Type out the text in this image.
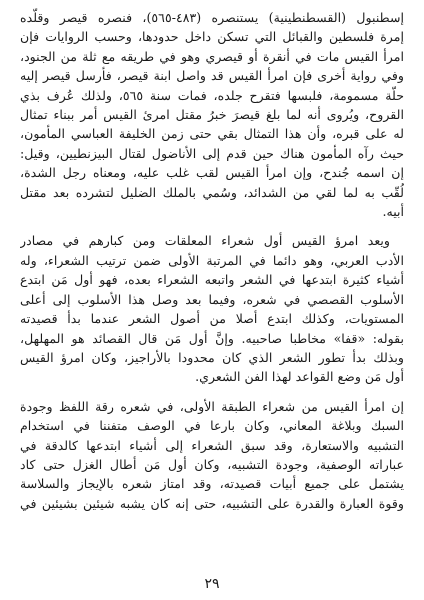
إسطنبول (القسطنطينية) يستنصره (٤٨٣-٥٦٥)، فنصره قيصر وقلّده
إمرة فلسطين والقبائل التي تسكن داخل حدودها، وحسب الروايات فإن
امرأ القيس مات في أنقرة أو قيصري وهو في طريقه مع ثلة من الجنود،
وفي رواية أخرى فإن امرأ القيس قد واصل ابنة قيصر، فأرسل قيصر إليه
حلّة مسمومة، فلبسها فتقرح جلده، فمات سنة ٥٦٥، ولذلك عُرف بذي
القروح، ويُروى أنه لما بلغ قيصرَ خبرُ مقتل امرئ القيس أمر ببناء تمثال
له على قبره، وأن هذا التمثال بقي حتى زمن الخليفة العباسي المأمون،
حيث رآه المأمون هناك حين قدم إلى الأناضول لقتال البيزنطيين، وقيل:
إن اسمه جُندح، وإن امرأ القيس لقب غلب عليه، ومعناه رجل الشدة،
لُقّب به لما لقي من الشدائد، وسُمي بالملك الضليل لتشرده بعد مقتل
أبيه.
ويعد امرؤ القيس أول شعراء المعلقات ومن كبارهم في مصادر
الأدب العربي، وهو دائما في المرتبة الأولى ضمن ترتيب الشعراء، وله
أشياء كثيرة ابتدعها في الشعر واتبعه الشعراء بعده، فهو أول مَن ابتدع
الأسلوب القصصي في شعره، وفيما بعد وصل هذا الأسلوب إلى أعلى
المستويات، وكذلك ابتدع أصلا من أصول الشعر عندما بدأ قصيدته
بقوله: «قفا» مخاطبا صاحبيه. وإنَّ أول مَن قال القصائد هو المهلهل،
وبذلك بدأ تطور الشعر الذي كان محدودا بالأراجيز، وكان امرؤ القيس
أول مَن وضع القواعد لهذا الفن الشعري.
إن امرأ القيس من شعراء الطبقة الأولى، في شعره رقة اللفظ وجودة
السبك وبلاغة المعاني، وكان بارعا في الوصف متفننا في استخدام
التشبيه والاستعارة، وقد سبق الشعراء إلى أشياء ابتدعها كالدقة في
عباراته الوصفية، وجودة التشبيه، وكان أول مَن أطال الغزل حتى كاد
يشتمل على جميع أبيات قصيدته، وقد امتاز شعره بالإيجاز والسلاسة
وقوة العبارة والقدرة على التشبيه، حتى إنه كان يشبه شيئين بشيئين في
٢٩
